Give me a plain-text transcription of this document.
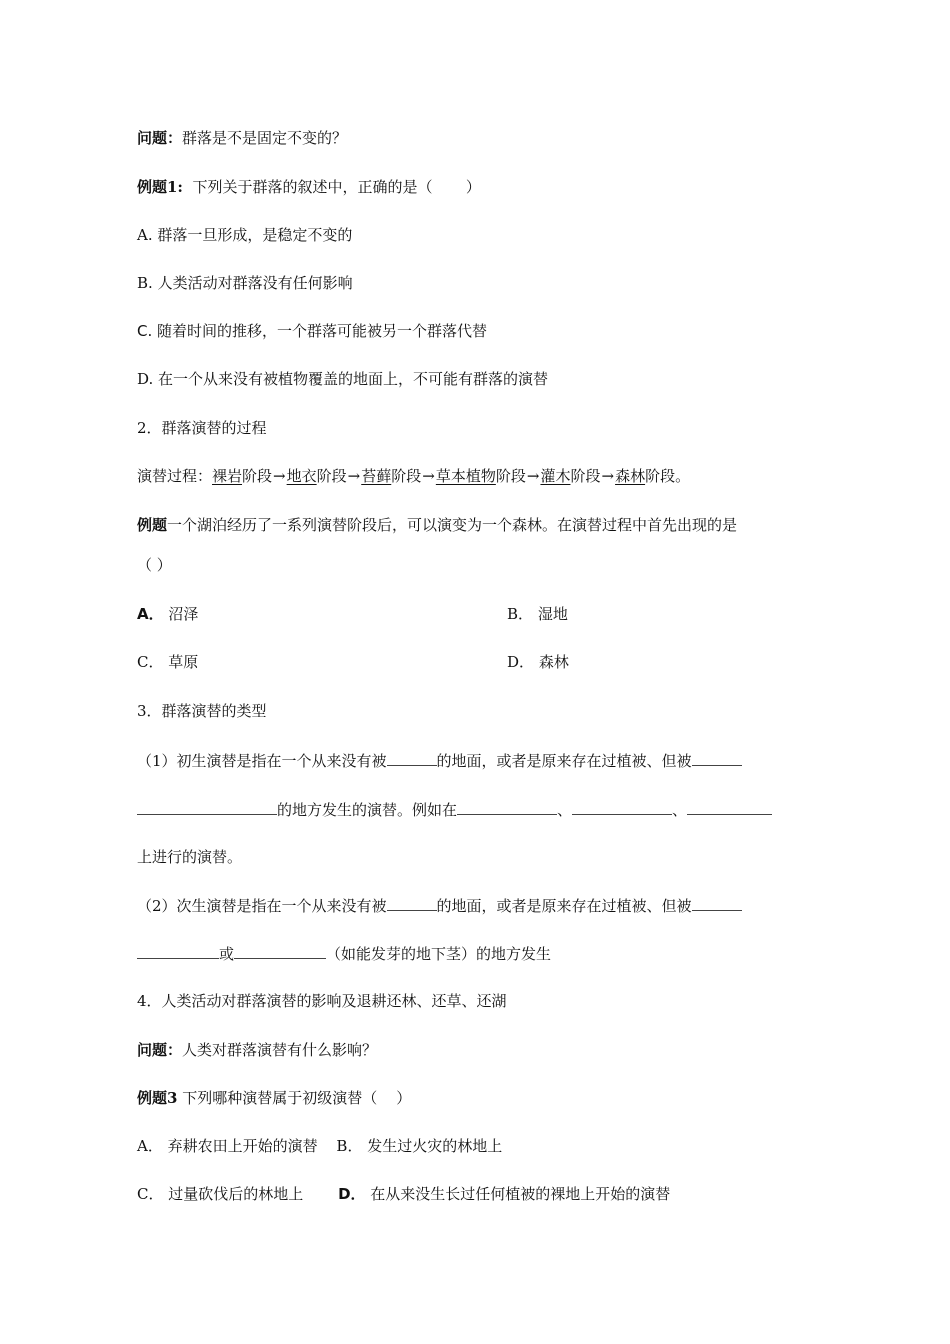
问题：群落是不是固定不变的？
例题1:  下列关于群落的叙述中，正确的是（       ）
A. 群落一旦形成，是稳定不变的
B. 人类活动对群落没有任何影响
C. 随着时间的推移，一个群落可能被另一个群落代替
D. 在一个从来没有被植物覆盖的地面上，不可能有群落的演替
2．群落演替的过程
演替过程：裸岩阶段→地衣阶段→苔藓阶段→草本植物阶段→灌木阶段→森林阶段。
例题一个湖泊经历了一系列演替阶段后，可以演变为一个森林。在演替过程中首先出现的是
（ ）
A． 沼泽	B． 湿地
C． 草原	D． 森林
3．群落演替的类型
（1）初生演替是指在一个从来没有被	的地面，或者是原来存在过植被、但被
的地方发生的演替。例如在	、	、
上进行的演替。
（2）次生演替是指在一个从来没有被	的地面，或者是原来存在过植被、但被
或	（如能发芽的地下茎）的地方发生
4．人类活动对群落演替的影响及退耕还林、还草、还湖
问题：人类对群落演替有什么影响？
例题3 下列哪种演替属于初级演替（    ）
A． 弃耕农田上开始的演替 B． 发生过火灾的林地上
C． 过量砍伐后的林地上 D． 在从来没生长过任何植被的裸地上开始的演替
